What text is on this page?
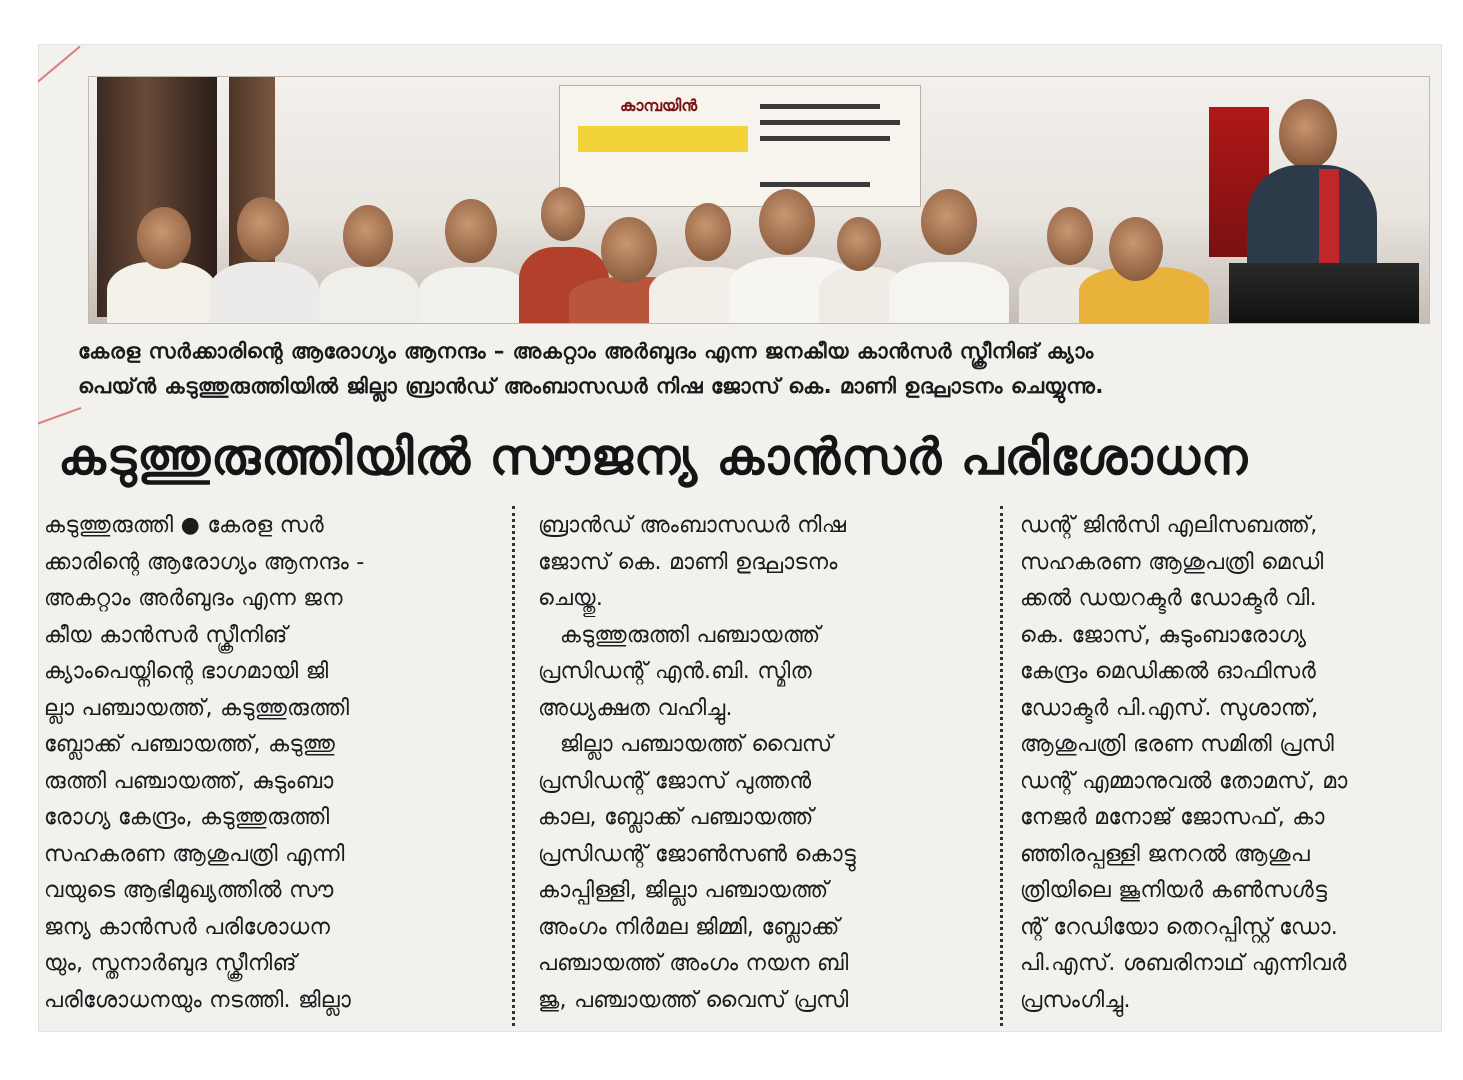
കാമ്പയിൻ
കേരള സർക്കാരിന്റെ ആരോഗ്യം ആനന്ദം – അകറ്റാം അർബുദം എന്ന ജനകീയ കാൻസർ സ്ക്രീനിങ് ക്യാം
പെയ്ൻ കടുത്തുരുത്തിയിൽ ജില്ലാ ബ്രാൻഡ് അംബാസഡർ നിഷ ജോസ് കെ. മാണി ഉദ്ഘാടനം ചെയ്യുന്നു.
കടുത്തുരുത്തിയിൽ സൗജന്യ കാൻസർ പരിശോധന

കടുത്തുരുത്തി ● കേരള സർ

ക്കാരിന്റെ ആരോഗ്യം ആനന്ദം -

അകറ്റാം അർബുദം എന്ന ജന

കീയ കാൻസർ സ്ക്രീനിങ്

ക്യാംപെയ്നിന്റെ ഭാഗമായി ജി

ല്ലാ പഞ്ചായത്ത്, കടുത്തുരുത്തി

ബ്ലോക്ക് പഞ്ചായത്ത്, കടുത്തു

രുത്തി പഞ്ചായത്ത്, കുടുംബാ

രോഗ്യ കേന്ദ്രം, കടുത്തുരുത്തി

സഹകരണ ആശുപത്രി എന്നി

വയുടെ ആഭിമുഖ്യത്തിൽ സൗ

ജന്യ കാൻസർ പരിശോധന

യും, സ്തനാർബുദ സ്ക്രീനിങ്

പരിശോധനയും നടത്തി. ജില്ലാ

ബ്രാൻഡ് അംബാസഡർ നിഷ

ജോസ് കെ. മാണി ഉദ്ഘാടനം

ചെയ്തു.

കടുത്തുരുത്തി പഞ്ചായത്ത്

പ്രസിഡന്റ് എൻ.ബി. സ്മിത

അധ്യക്ഷത വഹിച്ചു.

ജില്ലാ പഞ്ചായത്ത് വൈസ്

പ്രസിഡന്റ് ജോസ് പുത്തൻ

കാല, ബ്ലോക്ക് പഞ്ചായത്ത്

പ്രസിഡന്റ് ജോൺസൺ കൊട്ടു

കാപ്പിള്ളി, ജില്ലാ പഞ്ചായത്ത്

അംഗം നിർമല ജിമ്മി, ബ്ലോക്ക്

പഞ്ചായത്ത് അംഗം നയന ബി

ജു, പഞ്ചായത്ത് വൈസ് പ്രസി

ഡന്റ് ജിൻസി എലിസബത്ത്,

സഹകരണ ആശുപത്രി മെഡി

ക്കൽ ഡയറക്ടർ ഡോക്ടർ വി.

കെ. ജോസ്, കുടുംബാരോഗ്യ

കേന്ദ്രം മെഡിക്കൽ ഓഫിസർ

ഡോക്ടർ പി.എസ്. സുശാന്ത്,

ആശുപത്രി ഭരണ സമിതി പ്രസി

ഡന്റ് എമ്മാനുവൽ തോമസ്, മാ

നേജർ മനോജ് ജോസഫ്, കാ

ഞ്ഞിരപ്പള്ളി ജനറൽ ആശുപ

ത്രിയിലെ ജൂനിയർ കൺസൾട്ട

ന്റ് റേഡിയോ തെറപ്പിസ്റ്റ് ഡോ.

പി.എസ്. ശബരിനാഥ് എന്നിവർ

പ്രസംഗിച്ചു.
